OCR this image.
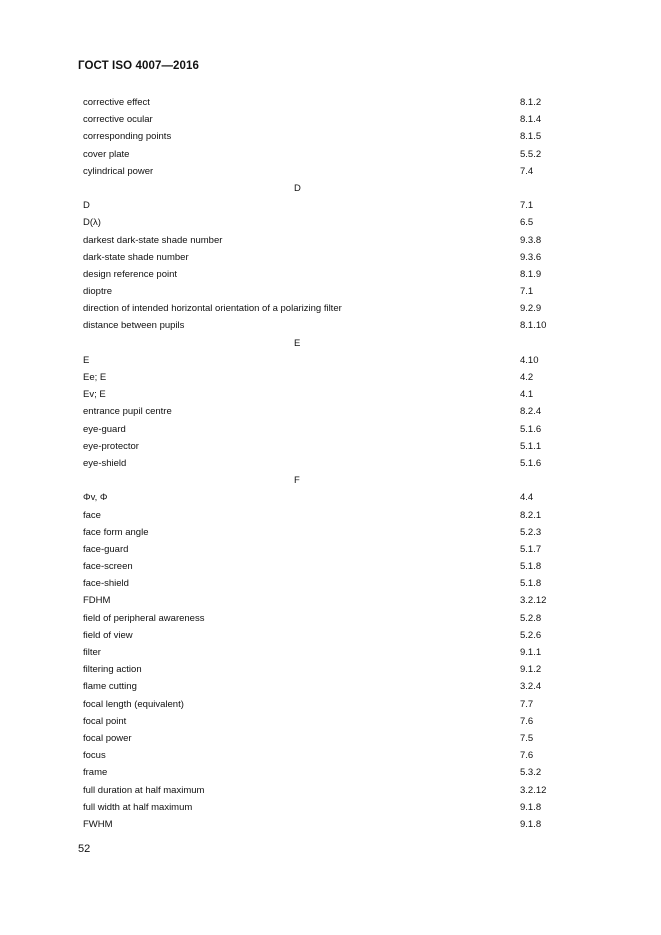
ГОСТ ISO 4007—2016
corrective effect	8.1.2
corrective ocular	8.1.4
corresponding points	8.1.5
cover plate	5.5.2
cylindrical power	7.4
D
D	7.1
D(λ)	6.5
darkest dark-state shade number	9.3.8
dark-state shade number	9.3.6
design reference point	8.1.9
dioptre	7.1
direction of intended horizontal orientation of a polarizing filter	9.2.9
distance between pupils	8.1.10
E
E	4.10
Ee; E	4.2
Ev; E	4.1
entrance pupil centre	8.2.4
eye-guard	5.1.6
eye-protector	5.1.1
eye-shield	5.1.6
F
Φv, Φ	4.4
face	8.2.1
face form angle	5.2.3
face-guard	5.1.7
face-screen	5.1.8
face-shield	5.1.8
FDHM	3.2.12
field of peripheral awareness	5.2.8
field of view	5.2.6
filter	9.1.1
filtering action	9.1.2
flame cutting	3.2.4
focal length (equivalent)	7.7
focal point	7.6
focal power	7.5
focus	7.6
frame	5.3.2
full duration at half maximum	3.2.12
full width at half maximum	9.1.8
FWHM	9.1.8
52
